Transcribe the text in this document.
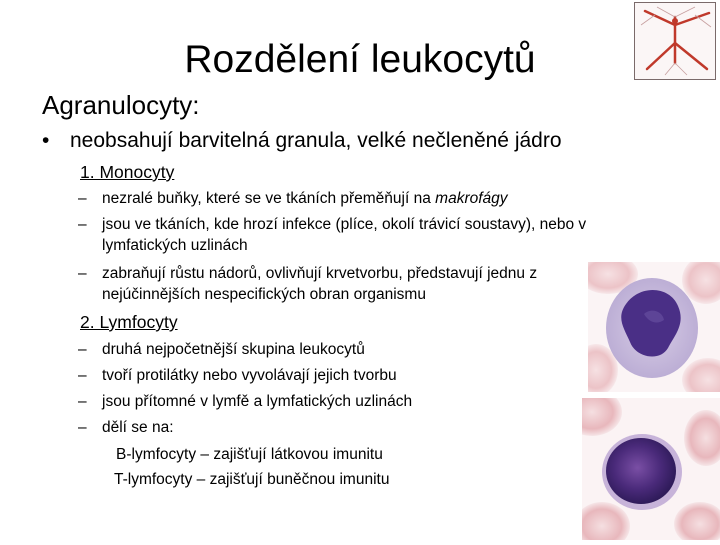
Rozdělení leukocytů
Agranulocyty:
• neobsahují barvitelná granula, velké nečleněné jádro
1. Monocyty
– nezralé buňky, které se ve tkáních přeměňují na makrofágy
– jsou ve tkáních, kde hrozí infekce (plíce, okolí trávicí soustavy), nebo v lymfatických uzlinách
– zabraňují růstu nádorů, ovlivňují krvetvorbu, představují jednu z nejúčinnějších nespecifických obran organismu
2. Lymfocyty
– druhá nejpočetnější skupina leukocytů
– tvoří protilátky nebo vyvolávají jejich tvorbu
– jsou přítomné v lymfě a lymfatických uzlinách
– dělí se na:
B-lymfocyty – zajišťují látkovou imunitu
T-lymfocyty – zajišťují buněčnou imunitu
